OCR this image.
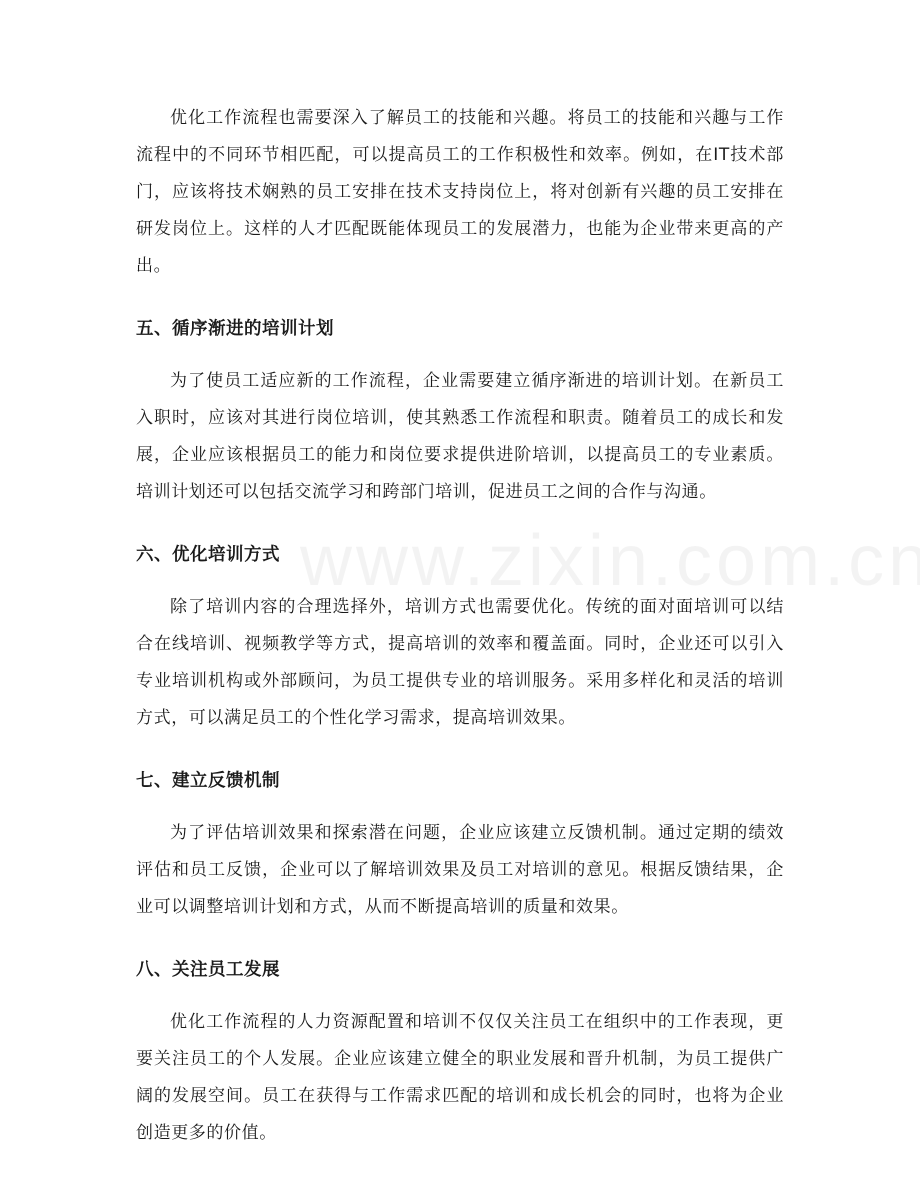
优化工作流程也需要深入了解员工的技能和兴趣。将员工的技能和兴趣与工作流程中的不同环节相匹配，可以提高员工的工作积极性和效率。例如，在IT技术部门，应该将技术娴熟的员工安排在技术支持岗位上，将对创新有兴趣的员工安排在研发岗位上。这样的人才匹配既能体现员工的发展潜力，也能为企业带来更高的产出。

五、循序渐进的培训计划

为了使员工适应新的工作流程，企业需要建立循序渐进的培训计划。在新员工入职时，应该对其进行岗位培训，使其熟悉工作流程和职责。随着员工的成长和发展，企业应该根据员工的能力和岗位要求提供进阶培训，以提高员工的专业素质。培训计划还可以包括交流学习和跨部门培训，促进员工之间的合作与沟通。

六、优化培训方式

除了培训内容的合理选择外，培训方式也需要优化。传统的面对面培训可以结合在线培训、视频教学等方式，提高培训的效率和覆盖面。同时，企业还可以引入专业培训机构或外部顾问，为员工提供专业的培训服务。采用多样化和灵活的培训方式，可以满足员工的个性化学习需求，提高培训效果。

七、建立反馈机制

为了评估培训效果和探索潜在问题，企业应该建立反馈机制。通过定期的绩效评估和员工反馈，企业可以了解培训效果及员工对培训的意见。根据反馈结果，企业可以调整培训计划和方式，从而不断提高培训的质量和效果。

八、关注员工发展

优化工作流程的人力资源配置和培训不仅仅关注员工在组织中的工作表现，更要关注员工的个人发展。企业应该建立健全的职业发展和晋升机制，为员工提供广阔的发展空间。员工在获得与工作需求匹配的培训和成长机会的同时，也将为企业创造更多的价值。
